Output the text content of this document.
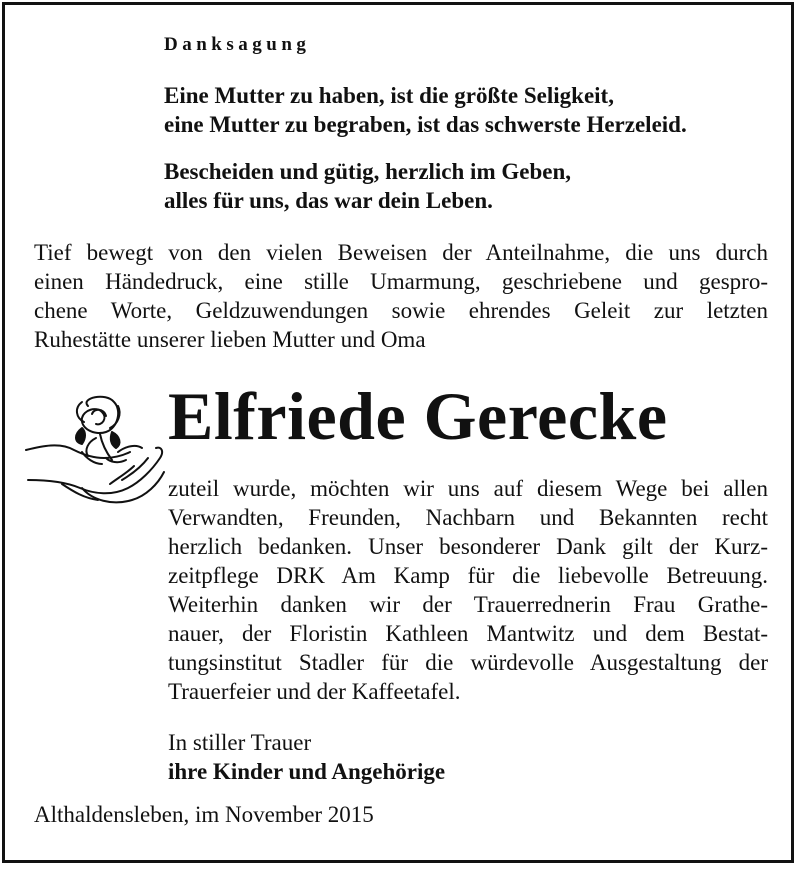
Danksagung

Eine Mutter zu haben, ist die größte Seligkeit,
eine Mutter zu begraben, ist das schwerste Herzeleid.
Bescheiden und gütig, herzlich im Geben,
alles für uns, das war dein Leben.
Tief bewegt von den vielen Beweisen der Anteilnahme, die uns durch
einen Händedruck, eine stille Umarmung, geschriebene und gespro-
chene Worte, Geldzuwendungen sowie ehrendes Geleit zur letzten
Ruhestätte unserer lieben Mutter und Oma

Elfriede Gerecke

zuteil wurde, möchten wir uns auf diesem Wege bei allen
Verwandten, Freunden, Nachbarn und Bekannten recht
herzlich bedanken. Unser besonderer Dank gilt der Kurz-
zeitpflege DRK Am Kamp für die liebevolle Betreuung.
Weiterhin danken wir der Trauerrednerin Frau Grathe-
nauer, der Floristin Kathleen Mantwitz und dem Bestat-
tungsinstitut Stadler für die würdevolle Ausgestaltung der
Trauerfeier und der Kaffeetafel.

In stiller Trauer

ihre Kinder und Angehörige

Althaldensleben, im November 2015
